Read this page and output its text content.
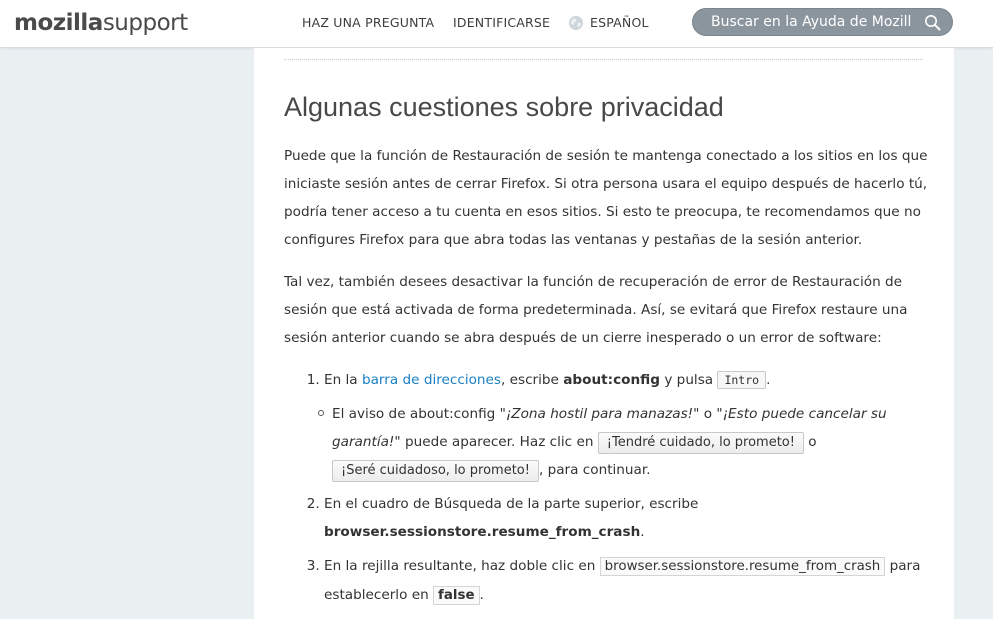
mozillasupport	HAZ UNA PREGUNTA IDENTIFICARSE	ESPAÑOL
Buscar en la Ayuda de Mozilla
Algunas cuestiones sobre privacidad

Puede que la función de Restauración de sesión te mantenga conectado a los sitios en los que iniciaste sesión antes de cerrar Firefox. Si otra persona usara el equipo después de hacerlo tú, podría tener acceso a tu cuenta en esos sitios. Si esto te preocupa, te recomendamos que no configures Firefox para que abra todas las ventanas y pestañas de la sesión anterior.

Tal vez, también desees desactivar la función de recuperación de error de Restauración de sesión que está activada de forma predeterminada. Así, se evitará que Firefox restaure una sesión anterior cuando se abra después de un cierre inesperado o un error de software:

1. En la barra de direcciones, escribe about:config y pulsa Intro .
El aviso de about:config "¡Zona hostil para manazas!" o "¡Esto puede cancelar su garantía!" puede aparecer. Haz clic en ¡Tendré cuidado, lo prometo! o ¡Seré cuidadoso, lo prometo! , para continuar.
2. En el cuadro de Búsqueda de la parte superior, escribe browser.sessionstore.resume_from_crash.
3. En la rejilla resultante, haz doble clic en browser.sessionstore.resume_from_crash para establecerlo en false .
